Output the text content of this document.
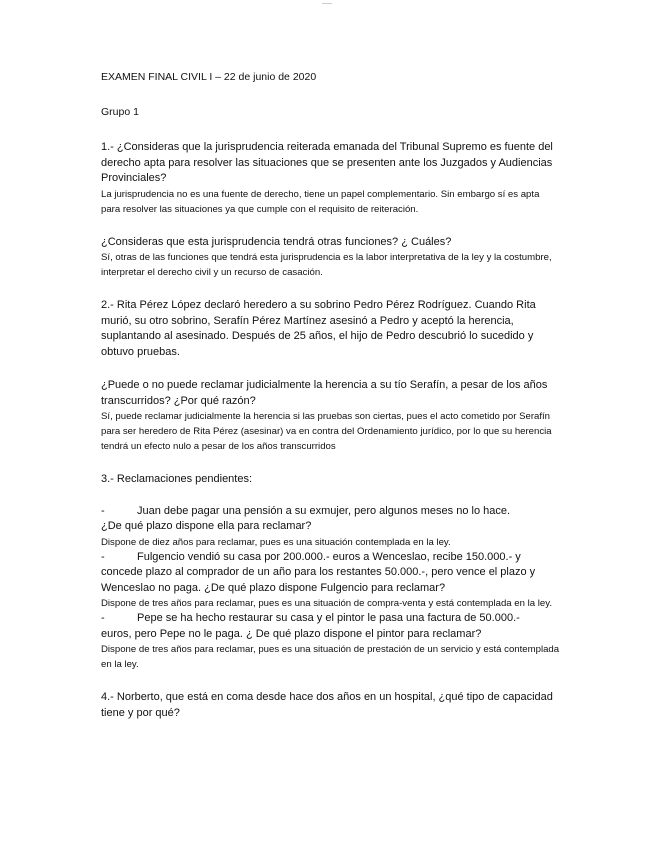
EXAMEN FINAL CIVIL I – 22 de junio de 2020

Grupo 1

1.- ¿Consideras que la jurisprudencia reiterada emanada del Tribunal Supremo es fuente del derecho apta para resolver las situaciones que se presenten ante los Juzgados y Audiencias Provinciales?

La jurisprudencia no es una fuente de derecho, tiene un papel complementario. Sin embargo sí es apta para resolver las situaciones ya que cumple con el requisito de reiteración.

¿Consideras que esta jurisprudencia tendrá otras funciones? ¿ Cuáles?

Sí, otras de las funciones que tendrá esta jurisprudencia es la labor interpretativa de la ley y la costumbre, interpretar el derecho civil y un recurso de casación.

2.- Rita Pérez López declaró heredero a su sobrino Pedro Pérez Rodríguez. Cuando Rita murió, su otro sobrino, Serafín Pérez Martínez asesinó a Pedro y aceptó la herencia, suplantando al asesinado. Después de 25 años, el hijo de Pedro descubrió lo sucedido y obtuvo pruebas.

¿Puede o no puede reclamar judicialmente la herencia a su tío Serafín, a pesar de los años transcurridos? ¿Por qué razón?

Sí, puede reclamar judicialmente la herencia si las pruebas son ciertas, pues el acto cometido por Serafín para ser heredero de Rita Pérez (asesinar) va en contra del Ordenamiento jurídico, por lo que su herencia tendrá un efecto nulo a pesar de los años transcurridos

3.- Reclamaciones pendientes:

-	Juan debe pagar una pensión a su exmujer, pero algunos meses no lo hace.

¿De qué plazo dispone ella para reclamar?

Dispone de diez años para reclamar, pues es una situación contemplada en la ley.

-	Fulgencio vendió su casa por 200.000.- euros a Wenceslao, recibe 150.000.- y

concede plazo al comprador de un año para los restantes 50.000.-, pero vence el plazo y Wenceslao no paga. ¿De qué plazo dispone Fulgencio para reclamar?

Dispone de tres años para reclamar, pues es una situación de compra-venta y está contemplada en la ley.

-	Pepe se ha hecho restaurar su casa y el pintor le pasa una factura de 50.000.-

euros, pero Pepe no le paga. ¿ De qué plazo dispone el pintor para reclamar?

Dispone de tres años para reclamar, pues es una situación de prestación de un servicio y está contemplada en la ley.

4.- Norberto, que está en coma desde hace dos años en un hospital, ¿qué tipo de capacidad tiene y por qué?
